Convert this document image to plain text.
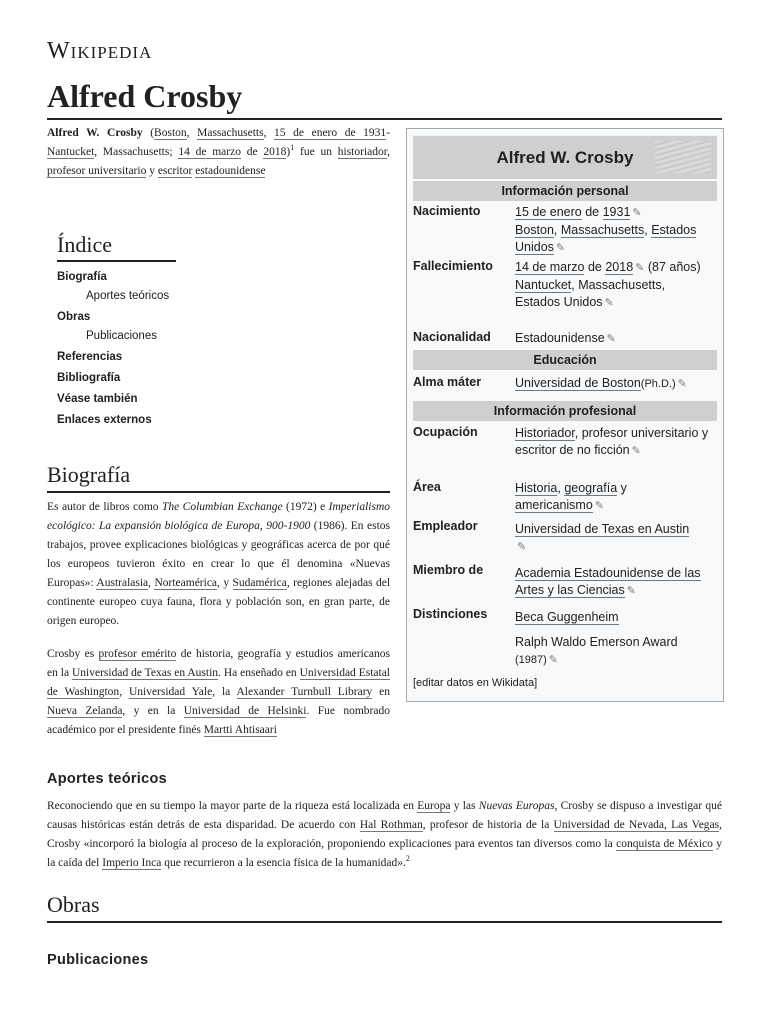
Wikipedia
Alfred Crosby
Alfred W. Crosby (Boston, Massachusetts, 15 de enero de 1931-Nantucket, Massachusetts; 14 de marzo de 2018)$^1$ fue un historiador, profesor universitario y escritor estadounidense
Índice
Biografía
Aportes teóricos
Obras
Publicaciones
Referencias
Bibliografía
Véase también
Enlaces externos
Biografía
Es autor de libros como The Columbian Exchange (1972) e Imperialismo ecológico: La expansión biológica de Europa, 900-1900 (1986). En estos trabajos, provee explicaciones biológicas y geográficas acerca de por qué los europeos tuvieron éxito en crear lo que él denomina «Nuevas Europas»: Australasia, Norteamérica, y Sudamérica, regiones alejadas del continente europeo cuya fauna, flora y población son, en gran parte, de origen europeo.
Crosby es profesor emérito de historia, geografía y estudios americanos en la Universidad de Texas en Austin. Ha enseñado en Universidad Estatal de Washington, Universidad Yale, la Alexander Turnbull Library en Nueva Zelanda, y en la Universidad de Helsinki. Fue nombrado académico por el presidente finés Martti Ahtisaari
Aportes teóricos
Reconociendo que en su tiempo la mayor parte de la riqueza está localizada en Europa y las Nuevas Europas, Crosby se dispuso a investigar qué causas históricas están detrás de esta disparidad. De acuerdo con Hal Rothman, profesor de historia de la Universidad de Nevada, Las Vegas, Crosby «incorporó la biología al proceso de la exploración, proponiendo explicaciones para eventos tan diversos como la conquista de México y la caída del Imperio Inca que recurrieron a la esencia física de la humanidad».$^2$
Obras
Publicaciones
Alfred W. Crosby
Información personal
Nacimiento	15 de enero de 1931 ✎
Boston, Massachusetts, Estados Unidos ✎
Fallecimiento	14 de marzo de 2018 ✎ (87 años)
Nantucket, Massachusetts,
Estados Unidos ✎
Nacionalidad	Estadounidense ✎
Educación
Alma máter	Universidad de Boston(Ph.D.) ✎
Información profesional
Ocupación	Historiador, profesor universitario y escritor de no ficción ✎
Área	Historia, geografía y americanismo ✎
Empleador	Universidad de Texas en Austin
✎
Miembro de	Academia Estadounidense de las Artes y las Ciencias ✎
Distinciones	Beca Guggenheim
Ralph Waldo Emerson Award (1987) ✎
[editar datos en Wikidata]
